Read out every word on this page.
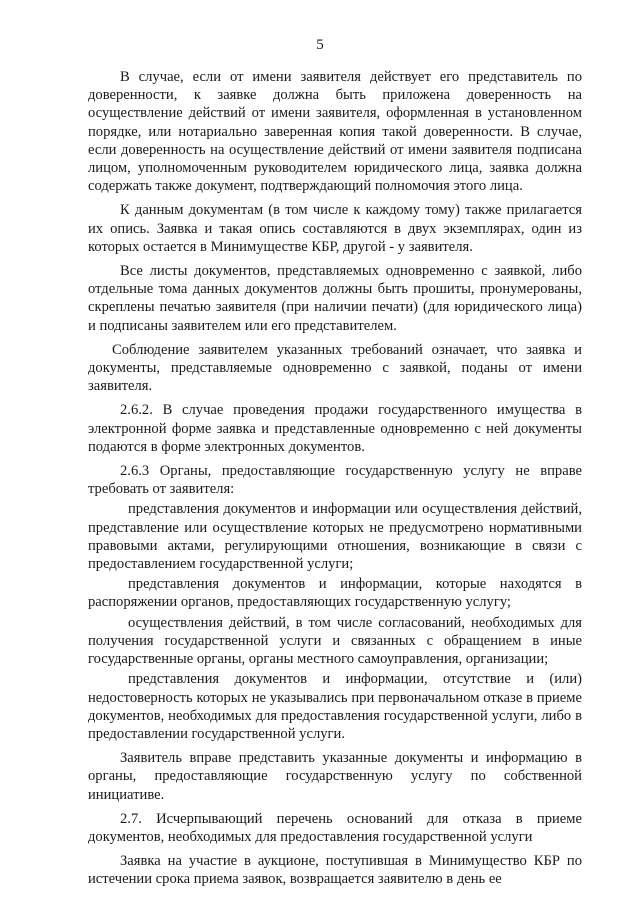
5

В случае, если от имени заявителя действует его представитель по доверенности, к заявке должна быть приложена доверенность на осуществление действий от имени заявителя, оформленная в установленном порядке, или нотариально заверенная копия такой доверенности. В случае, если доверенность на осуществление действий от имени заявителя подписана лицом, уполномоченным руководителем юридического лица, заявка должна содержать также документ, подтверждающий полномочия этого лица.

К данным документам (в том числе к каждому тому) также прилагается их опись. Заявка и такая опись составляются в двух экземплярах, один из которых остается в Минимуществе КБР, другой - у заявителя.

Все листы документов, представляемых одновременно с заявкой, либо отдельные тома данных документов должны быть прошиты, пронумерованы, скреплены печатью заявителя (при наличии печати) (для юридического лица) и подписаны заявителем или его представителем.

Соблюдение заявителем указанных требований означает, что заявка и документы, представляемые одновременно с заявкой, поданы от имени заявителя.

2.6.2. В случае проведения продажи государственного имущества в электронной форме заявка и представленные одновременно с ней документы подаются в форме электронных документов.

2.6.3 Органы, предоставляющие государственную услугу не вправе требовать от заявителя:

представления документов и информации или осуществления действий, представление или осуществление которых не предусмотрено нормативными правовыми актами, регулирующими отношения, возникающие в связи с предоставлением государственной услуги;

представления документов и информации, которые находятся в распоряжении органов, предоставляющих государственную услугу;

осуществления действий, в том числе согласований, необходимых для получения государственной услуги и связанных с обращением в иные государственные органы, органы местного самоуправления, организации;

представления документов и информации, отсутствие и (или) недостоверность которых не указывались при первоначальном отказе в приеме документов, необходимых для предоставления государственной услуги, либо в предоставлении государственной услуги.

Заявитель вправе представить указанные документы и информацию в органы, предоставляющие государственную услугу по собственной инициативе.

2.7. Исчерпывающий перечень оснований для отказа в приеме документов, необходимых для предоставления государственной услуги

Заявка на участие в аукционе, поступившая в Минимущество КБР по истечении срока приема заявок, возвращается заявителю в день ее
